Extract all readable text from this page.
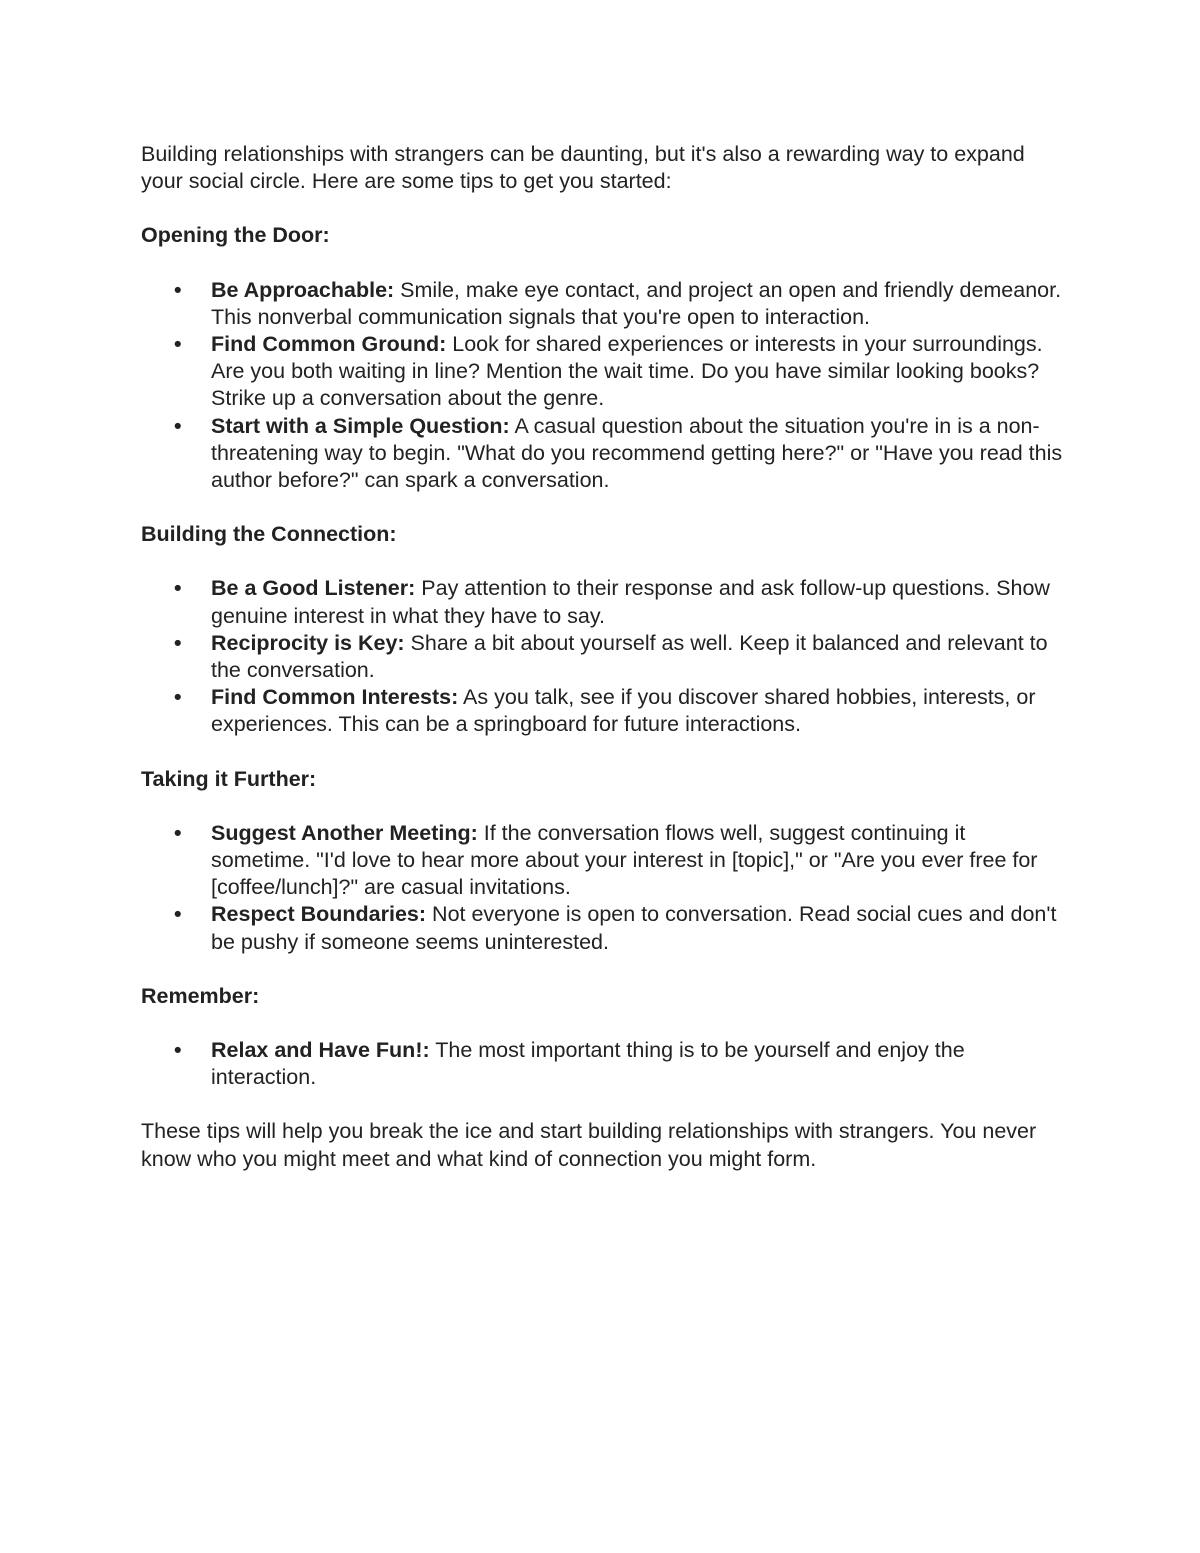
Building relationships with strangers can be daunting, but it's also a rewarding way to expand your social circle. Here are some tips to get you started:

Opening the Door:

• Be Approachable: Smile, make eye contact, and project an open and friendly demeanor. This nonverbal communication signals that you're open to interaction.
• Find Common Ground: Look for shared experiences or interests in your surroundings. Are you both waiting in line? Mention the wait time. Do you have similar looking books? Strike up a conversation about the genre.
• Start with a Simple Question: A casual question about the situation you're in is a non-threatening way to begin. "What do you recommend getting here?" or "Have you read this author before?" can spark a conversation.

Building the Connection:

• Be a Good Listener: Pay attention to their response and ask follow-up questions. Show genuine interest in what they have to say.
• Reciprocity is Key: Share a bit about yourself as well. Keep it balanced and relevant to the conversation.
• Find Common Interests: As you talk, see if you discover shared hobbies, interests, or experiences. This can be a springboard for future interactions.

Taking it Further:

• Suggest Another Meeting: If the conversation flows well, suggest continuing it sometime. "I'd love to hear more about your interest in [topic]," or "Are you ever free for [coffee/lunch]?" are casual invitations.
• Respect Boundaries: Not everyone is open to conversation. Read social cues and don't be pushy if someone seems uninterested.

Remember:

• Relax and Have Fun!: The most important thing is to be yourself and enjoy the interaction.

These tips will help you break the ice and start building relationships with strangers. You never know who you might meet and what kind of connection you might form.
